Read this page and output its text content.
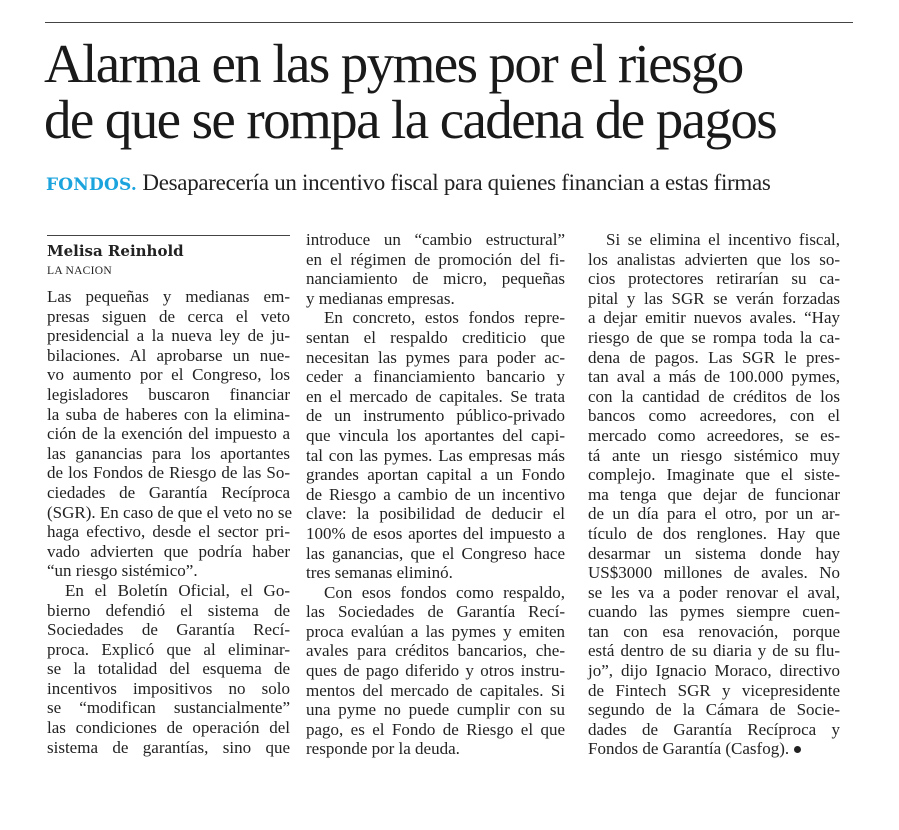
Alarma en las pymes por el riesgo
de que se rompa la cadena de pagos
FONDOS. Desaparecería un incentivo fiscal para quienes financian a estas firmas
Melisa Reinhold
LA NACION
Las pequeñas y medianas em-
presas siguen de cerca el veto
presidencial a la nueva ley de ju-
bilaciones. Al aprobarse un nue-
vo aumento por el Congreso, los
legisladores buscaron financiar
la suba de haberes con la elimina-
ción de la exención del impuesto a
las ganancias para los aportantes
de los Fondos de Riesgo de las So-
ciedades de Garantía Recíproca
(SGR). En caso de que el veto no se
haga efectivo, desde el sector pri-
vado advierten que podría haber
“un riesgo sistémico”.
En el Boletín Oficial, el Go-
bierno defendió el sistema de
Sociedades de Garantía Recí-
proca. Explicó que al eliminar-
se la totalidad del esquema de
incentivos impositivos no solo
se “modifican sustancialmente”
las condiciones de operación del
sistema de garantías, sino que
introduce un “cambio estructural”
en el régimen de promoción del fi-
nanciamiento de micro, pequeñas
y medianas empresas.
En concreto, estos fondos repre-
sentan el respaldo crediticio que
necesitan las pymes para poder ac-
ceder a financiamiento bancario y
en el mercado de capitales. Se trata
de un instrumento público-privado
que vincula los aportantes del capi-
tal con las pymes. Las empresas más
grandes aportan capital a un Fondo
de Riesgo a cambio de un incentivo
clave: la posibilidad de deducir el
100% de esos aportes del impuesto a
las ganancias, que el Congreso hace
tres semanas eliminó.
Con esos fondos como respaldo,
las Sociedades de Garantía Recí-
proca evalúan a las pymes y emiten
avales para créditos bancarios, che-
ques de pago diferido y otros instru-
mentos del mercado de capitales. Si
una pyme no puede cumplir con su
pago, es el Fondo de Riesgo el que
responde por la deuda.
Si se elimina el incentivo fiscal,
los analistas advierten que los so-
cios protectores retirarían su ca-
pital y las SGR se verán forzadas
a dejar emitir nuevos avales. “Hay
riesgo de que se rompa toda la ca-
dena de pagos. Las SGR le pres-
tan aval a más de 100.000 pymes,
con la cantidad de créditos de los
bancos como acreedores, con el
mercado como acreedores, se es-
tá ante un riesgo sistémico muy
complejo. Imaginate que el siste-
ma tenga que dejar de funcionar
de un día para el otro, por un ar-
tículo de dos renglones. Hay que
desarmar un sistema donde hay
US$3000 millones de avales. No
se les va a poder renovar el aval,
cuando las pymes siempre cuen-
tan con esa renovación, porque
está dentro de su diaria y de su flu-
jo”, dijo Ignacio Moraco, directivo
de Fintech SGR y vicepresidente
segundo de la Cámara de Socie-
dades de Garantía Recíproca y
Fondos de Garantía (Casfog).
